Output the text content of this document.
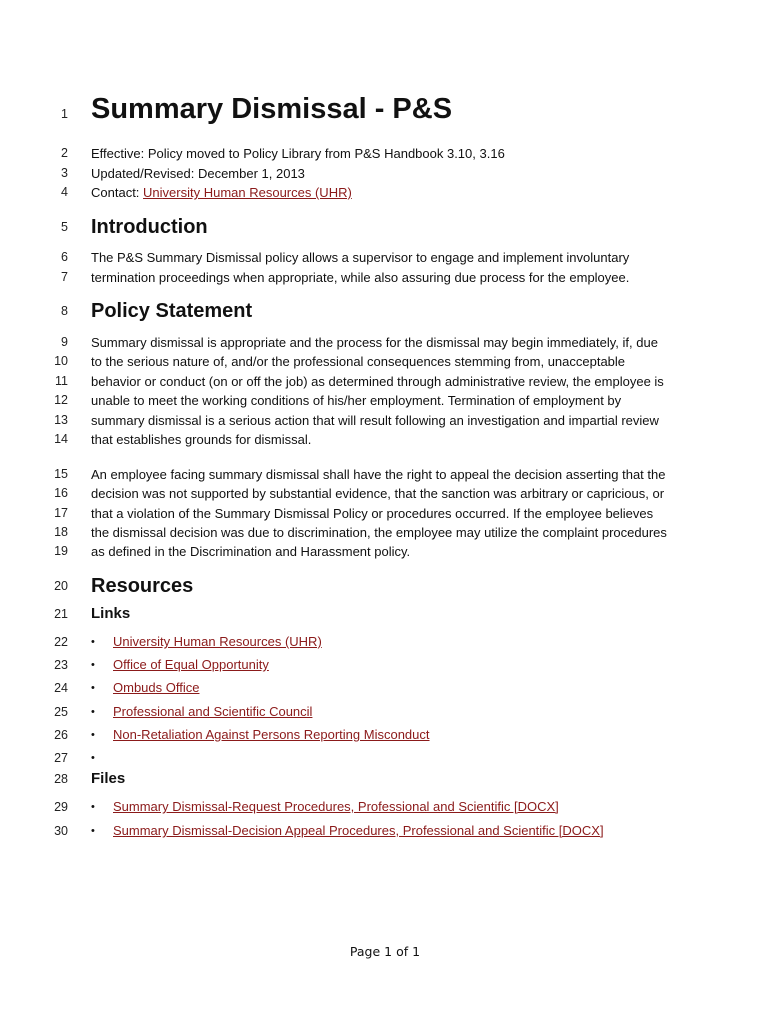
1
2
3
4
5
6
7
8
9
10
11
12
13
14
15
16
17
18
19
20
21
22
23
24
25
26
27
28
29
30
Summary Dismissal - P&S
Effective: Policy moved to Policy Library from P&S Handbook 3.10, 3.16
Updated/Revised: December 1, 2013
Contact: University Human Resources (UHR)
Introduction
The P&S Summary Dismissal policy allows a supervisor to engage and implement involuntary
termination proceedings when appropriate, while also assuring due process for the employee.
Policy Statement
Summary dismissal is appropriate and the process for the dismissal may begin immediately, if, due
to the serious nature of, and/or the professional consequences stemming from, unacceptable
behavior or conduct (on or off the job) as determined through administrative review, the employee is
unable to meet the working conditions of his/her employment. Termination of employment by
summary dismissal is a serious action that will result following an investigation and impartial review
that establishes grounds for dismissal.
An employee facing summary dismissal shall have the right to appeal the decision asserting that the
decision was not supported by substantial evidence, that the sanction was arbitrary or capricious, or
that a violation of the Summary Dismissal Policy or procedures occurred. If the employee believes
the dismissal decision was due to discrimination, the employee may utilize the complaint procedures
as defined in the Discrimination and Harassment policy.
Resources
Links
• University Human Resources (UHR)
• Office of Equal Opportunity
• Ombuds Office
• Professional and Scientific Council
• Non-Retaliation Against Persons Reporting Misconduct
•
Files
• Summary Dismissal-Request Procedures, Professional and Scientific [DOCX]
• Summary Dismissal-Decision Appeal Procedures, Professional and Scientific [DOCX]
Page 1 of 1
